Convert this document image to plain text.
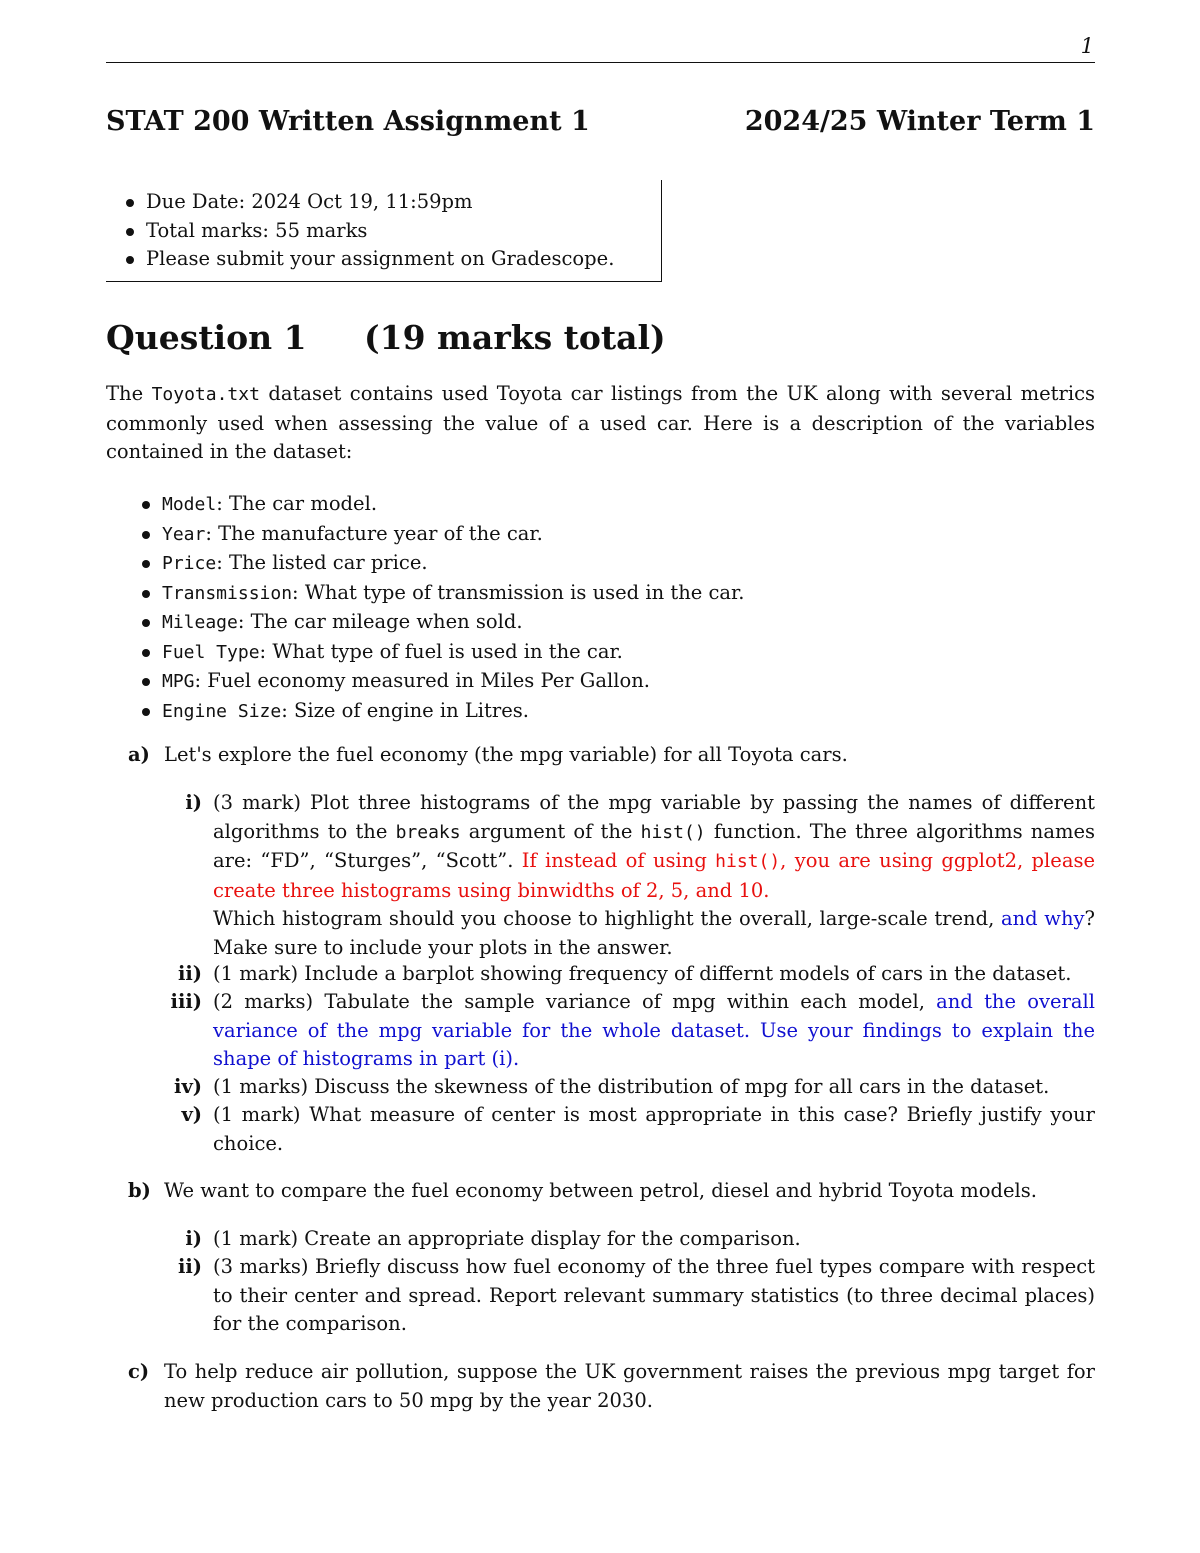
1
STAT 200 Written Assignment 1	2024/25 Winter Term 1
Due Date: 2024 Oct 19, 11:59pm
Total marks: 55 marks
Please submit your assignment on Gradescope.
Question 1     (19 marks total)
The Toyota.txt dataset contains used Toyota car listings from the UK along with several metrics commonly used when assessing the value of a used car. Here is a description of the variables contained in the dataset:
Model: The car model.
Year: The manufacture year of the car.
Price: The listed car price.
Transmission: What type of transmission is used in the car.
Mileage: The car mileage when sold.
Fuel Type: What type of fuel is used in the car.
MPG: Fuel economy measured in Miles Per Gallon.
Engine Size: Size of engine in Litres.
a) Let's explore the fuel economy (the mpg variable) for all Toyota cars.
i) (3 mark) Plot three histograms of the mpg variable by passing the names of different algorithms to the breaks argument of the hist() function. The three algorithms names are: “FD”, “Sturges”, “Scott”. If instead of using hist(), you are using ggplot2, please create three histograms using binwidths of 2, 5, and 10.
Which histogram should you choose to highlight the overall, large-scale trend, and why? Make sure to include your plots in the answer.
ii) (1 mark) Include a barplot showing frequency of differnt models of cars in the dataset.
iii) (2 marks) Tabulate the sample variance of mpg within each model, and the overall variance of the mpg variable for the whole dataset. Use your findings to explain the shape of histograms in part (i).
iv) (1 marks) Discuss the skewness of the distribution of mpg for all cars in the dataset.
v) (1 mark) What measure of center is most appropriate in this case? Briefly justify your choice.
b) We want to compare the fuel economy between petrol, diesel and hybrid Toyota models.
i) (1 mark) Create an appropriate display for the comparison.
ii) (3 marks) Briefly discuss how fuel economy of the three fuel types compare with respect to their center and spread. Report relevant summary statistics (to three decimal places) for the comparison.
c) To help reduce air pollution, suppose the UK government raises the previous mpg target for new production cars to 50 mpg by the year 2030.
